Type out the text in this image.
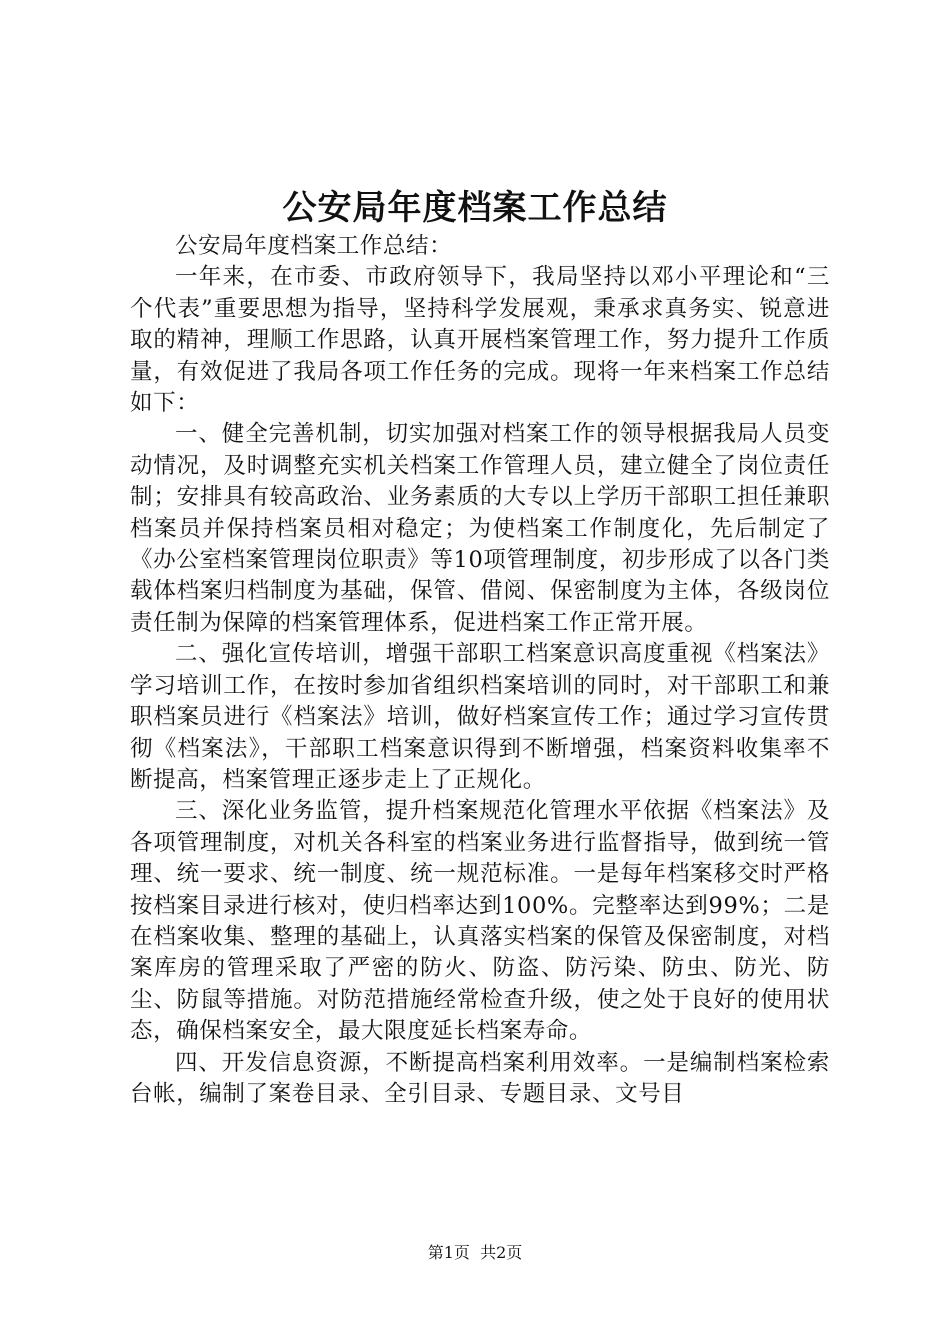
公安局年度档案工作总结

公安局年度档案工作总结：

一年来，在市委、市政府领导下，我局坚持以邓小平理论和“三个代表”重要思想为指导，坚持科学发展观，秉承求真务实、锐意进取的精神，理顺工作思路，认真开展档案管理工作，努力提升工作质量，有效促进了我局各项工作任务的完成。现将一年来档案工作总结如下：

一、健全完善机制，切实加强对档案工作的领导根据我局人员变动情况，及时调整充实机关档案工作管理人员，建立健全了岗位责任制；安排具有较高政治、业务素质的大专以上学历干部职工担任兼职档案员并保持档案员相对稳定；为使档案工作制度化，先后制定了《办公室档案管理岗位职责》等10项管理制度，初步形成了以各门类载体档案归档制度为基础，保管、借阅、保密制度为主体，各级岗位责任制为保障的档案管理体系，促进档案工作正常开展。

二、强化宣传培训，增强干部职工档案意识高度重视《档案法》学习培训工作，在按时参加省组织档案培训的同时，对干部职工和兼职档案员进行《档案法》培训，做好档案宣传工作；通过学习宣传贯彻《档案法》，干部职工档案意识得到不断增强，档案资料收集率不断提高，档案管理正逐步走上了正规化。

三、深化业务监管，提升档案规范化管理水平依据《档案法》及各项管理制度，对机关各科室的档案业务进行监督指导，做到统一管理、统一要求、统一制度、统一规范标准。一是每年档案移交时严格按档案目录进行核对，使归档率达到100%。完整率达到99%；二是在档案收集、整理的基础上，认真落实档案的保管及保密制度，对档案库房的管理采取了严密的防火、防盗、防污染、防虫、防光、防尘、防鼠等措施。对防范措施经常检查升级，使之处于良好的使用状态，确保档案安全，最大限度延长档案寿命。

四、开发信息资源，不断提高档案利用效率。一是编制档案检索台帐，编制了案卷目录、全引目录、专题目录、文号目

第1页 共2页
